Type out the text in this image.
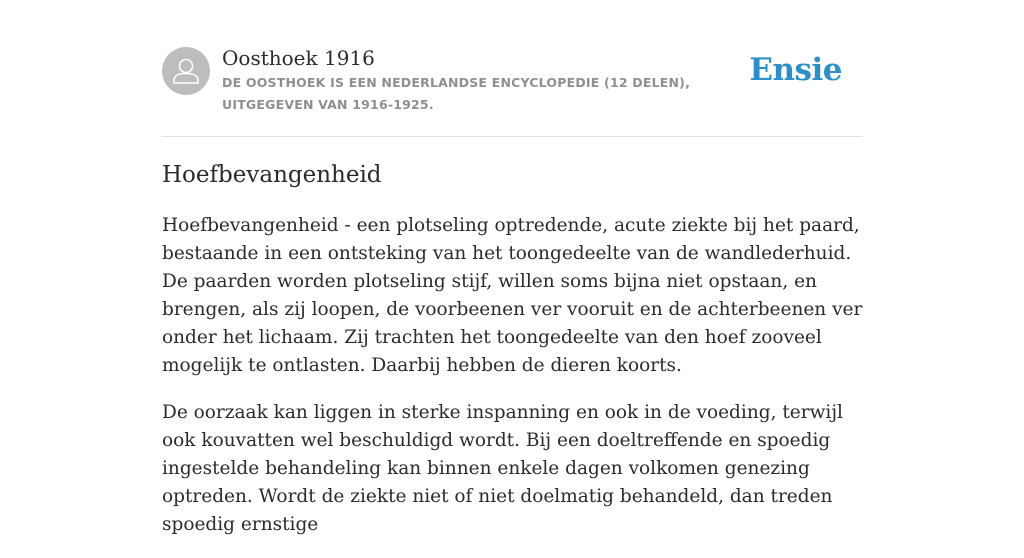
Oosthoek 1916
DE OOSTHOEK IS EEN NEDERLANDSE ENCYCLOPEDIE (12 DELEN), UITGEGEVEN VAN 1916-1925.
Ensie
Hoefbevangenheid

Hoefbevangenheid - een plotseling optredende, acute ziekte bij het paard, bestaande in een ontsteking van het toongedeelte van de wandlederhuid. De paarden worden plotseling stijf, willen soms bijna niet opstaan, en brengen, als zij loopen, de voorbeenen ver vooruit en de achterbeenen ver onder het lichaam. Zij trachten het toongedeelte van den hoef zooveel mogelijk te ontlasten. Daarbij hebben de dieren koorts.

De oorzaak kan liggen in sterke inspanning en ook in de voeding, terwijl ook kouvatten wel beschuldigd wordt. Bij een doeltreffende en spoedig ingestelde behandeling kan binnen enkele dagen volkomen genezing optreden. Wordt de ziekte niet of niet doelmatig behandeld, dan treden spoedig ernstige
